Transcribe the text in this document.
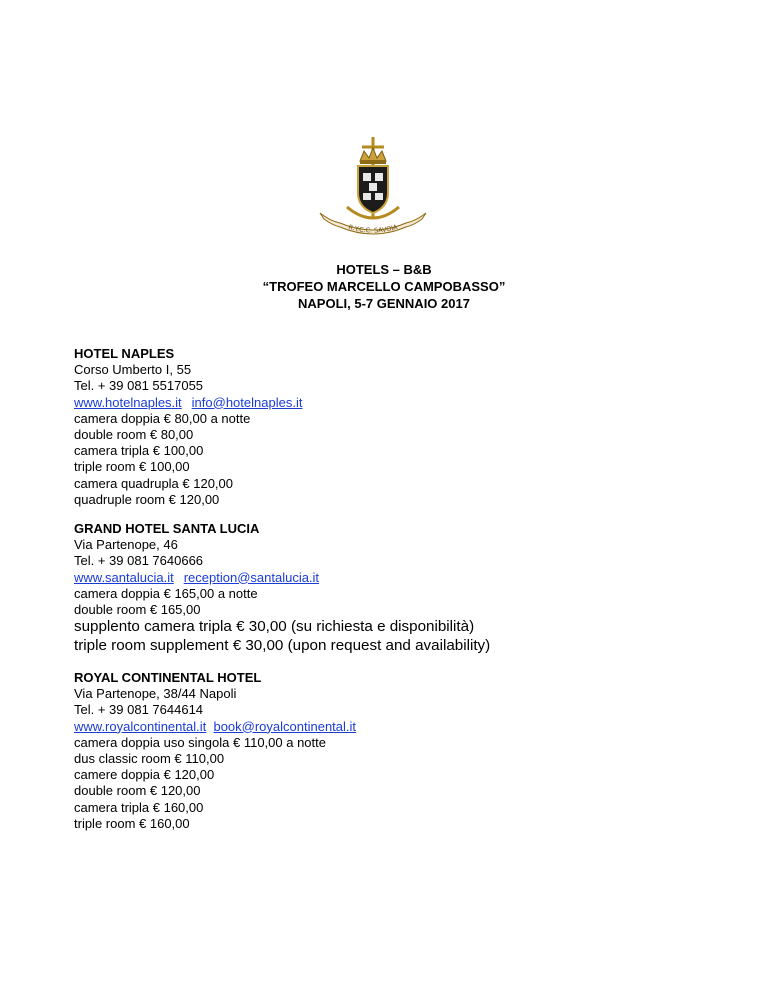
R.Y.C.C. SAVOIA
HOTELS – B&B
“TROFEO MARCELLO CAMPOBASSO”
NAPOLI, 5-7 GENNAIO 2017
HOTEL NAPLES
Corso Umberto I, 55
Tel. + 39 081 5517055
www.hotelnaples.it info@hotelnaples.it
camera doppia € 80,00 a notte
double room € 80,00
camera tripla € 100,00
triple room € 100,00
camera quadrupla € 120,00
quadruple room € 120,00
GRAND HOTEL SANTA LUCIA
Via Partenope, 46
Tel. + 39 081 7640666
www.santalucia.it reception@santalucia.it
camera doppia € 165,00 a notte
double room € 165,00
supplento camera tripla € 30,00 (su richiesta e disponibilità)
triple room supplement € 30,00 (upon request and availability)
ROYAL CONTINENTAL HOTEL
Via Partenope, 38/44 Napoli
Tel. + 39 081 7644614
www.royalcontinental.it book@royalcontinental.it
camera doppia uso singola € 110,00 a notte
dus classic room € 110,00
camere doppia € 120,00
double room € 120,00
camera tripla € 160,00
triple room € 160,00
